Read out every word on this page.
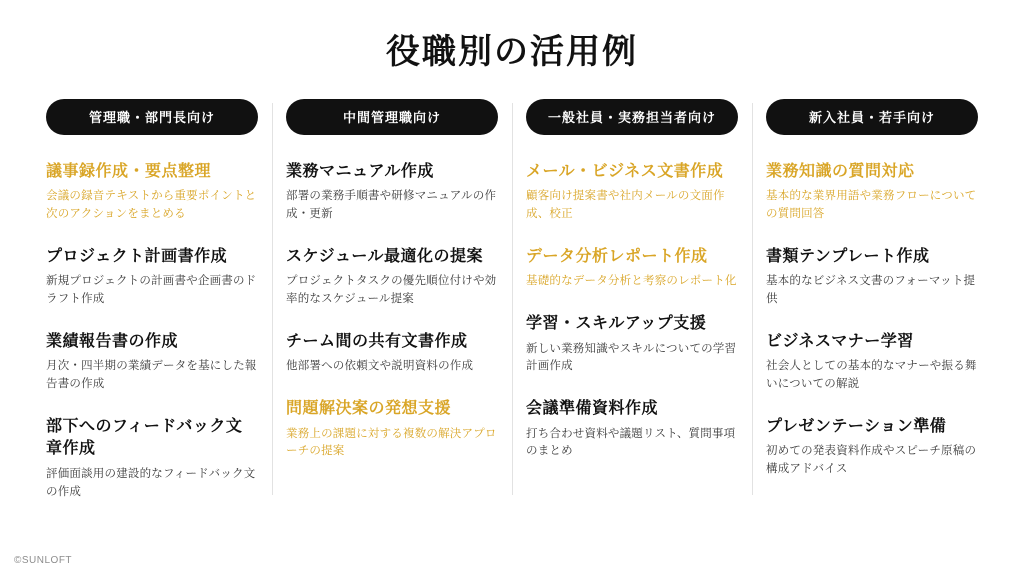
役職別の活用例
管理職・部門長向け
議事録作成・要点整理
会議の録音テキストから重要ポイントと次のアクションをまとめる
プロジェクト計画書作成
新規プロジェクトの計画書や企画書のドラフト作成
業績報告書の作成
月次・四半期の業績データを基にした報告書の作成
部下へのフィードバック文章作成
評価面談用の建設的なフィードバック文の作成
中間管理職向け
業務マニュアル作成
部署の業務手順書や研修マニュアルの作成・更新
スケジュール最適化の提案
プロジェクトタスクの優先順位付けや効率的なスケジュール提案
チーム間の共有文書作成
他部署への依頼文や説明資料の作成
問題解決案の発想支援
業務上の課題に対する複数の解決アプローチの提案
一般社員・実務担当者向け
メール・ビジネス文書作成
顧客向け提案書や社内メールの文面作成、校正
データ分析レポート作成
基礎的なデータ分析と考察のレポート化
学習・スキルアップ支援
新しい業務知識やスキルについての学習計画作成
会議準備資料作成
打ち合わせ資料や議題リスト、質問事項のまとめ
新入社員・若手向け
業務知識の質問対応
基本的な業界用語や業務フローについての質問回答
書類テンプレート作成
基本的なビジネス文書のフォーマット提供
ビジネスマナー学習
社会人としての基本的なマナーや振る舞いについての解説
プレゼンテーション準備
初めての発表資料作成やスピーチ原稿の構成アドバイス
©SUNLOFT
